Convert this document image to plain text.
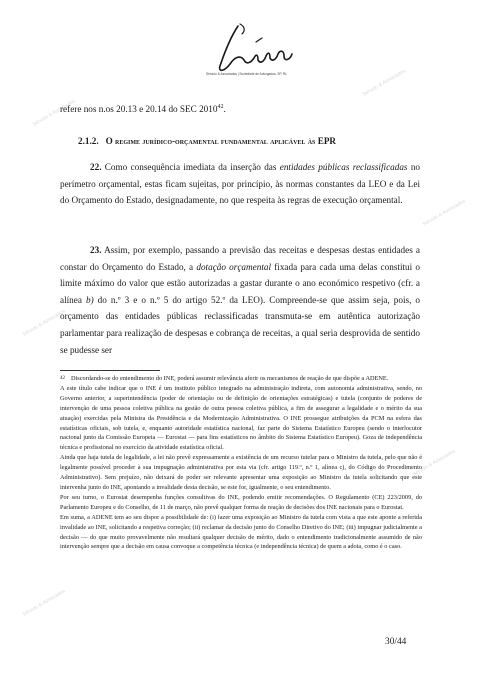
Sérvulo & Associados | Sociedade de Advogados, SP, RL
Sérvulo & Associados
Sérvulo & Associados
Sérvulo & Associados
Sérvulo & Associados
Sérvulo & Associados
Sérvulo & Associados
refere nos n.os 20.13 e 20.14 do SEC 2010$^{42}$.
2.1.2. O regime jurídico-orçamental fundamental aplicável às EPR
22. Como consequência imediata da inserção das entidades públicas reclassificadas no perímetro orçamental, estas ficam sujeitas, por princípio, às normas constantes da LEO e da Lei do Orçamento do Estado, designadamente, no que respeita às regras de execução orçamental.
23. Assim, por exemplo, passando a previsão das receitas e despesas destas entidades a constar do Orçamento do Estado, a dotação orçamental fixada para cada uma delas constitui o limite máximo do valor que estão autorizadas a gastar durante o ano económico respetivo (cfr. a alínea b) do n.º 3 e o n.º 5 do artigo 52.º da LEO). Compreende-se que assim seja, pois, o orçamento das entidades públicas reclassificadas transmuta-se em autêntica autorização parlamentar para realização de despesas e cobrança de receitas, a qual seria desprovida de sentido se pudesse ser
42 Discordando-se do entendimento do INE, poderá assumir relevância aferir os mecanismos de reação de que dispõe a ADENE.

A este título cabe indicar que o INE é um instituto público integrado na administração indireta, com autonomia administrativa, sendo, no Governo anterior, a superintendência (poder de orientação ou de definição de orientações estratégicas) e tutela (conjunto de poderes de intervenção de uma pessoa coletiva pública na gestão de outra pessoa coletiva pública, a fim de assegurar a legalidade e o mérito da sua atuação) exercidas pela Ministra da Presidência e da Modernização Administrativa. O INE prossegue atribuições da PCM na esfera das estatísticas oficiais, sob tutela, e, enquanto autoridade estatística nacional, faz parte do Sistema Estatístico Europeu (sendo o interlocutor nacional junto da Comissão Europeia — Eurostat — para fins estatísticos no âmbito do Sistema Estatístico Europeu). Goza de independência técnica e profissional no exercício da atividade estatística oficial.

Ainda que haja tutela de legalidade, a lei não prevê expressamente a existência de um recurso tutelar para o Ministro da tutela, pelo que não é legalmente possível proceder à sua impugnação administrativa por esta via (cfr. artigo 119.º, n.º 1, alínea c), do Código do Procedimento Administrativo). Sem prejuízo, não deixará de poder ser relevante apresentar uma exposição ao Ministro da tutela solicitando que este intervenha junto do INE, apontando a invalidade desta decisão, se este for, igualmente, o seu entendimento.

Por seu turno, o Eurostat desempenha funções consultivas do INE, podendo emitir recomendações. O Regulamento (CE) 223/2009, do Parlamento Europeu e do Conselho, de 11 de março, não prevê qualquer forma de reação de decisões dos INE nacionais para o Eurostat.

Em suma, a ADENE tem ao seu dispor a possibilidade de: (i) fazer uma exposição ao Ministro da tutela com vista a que este aponte a referida invalidade ao INE, solicitando a respetiva correção; (ii) reclamar da decisão junto do Conselho Diretivo do INE; (iii) impugnar judicialmente a decisão — do que muito provavelmente não resultará qualquer decisão de mérito, dado o entendimento tradicionalmente assumido de não intervenção sempre que a decisão em causa convoque a competência técnica (e independência técnica) de quem a adota, como é o caso.

30/44
